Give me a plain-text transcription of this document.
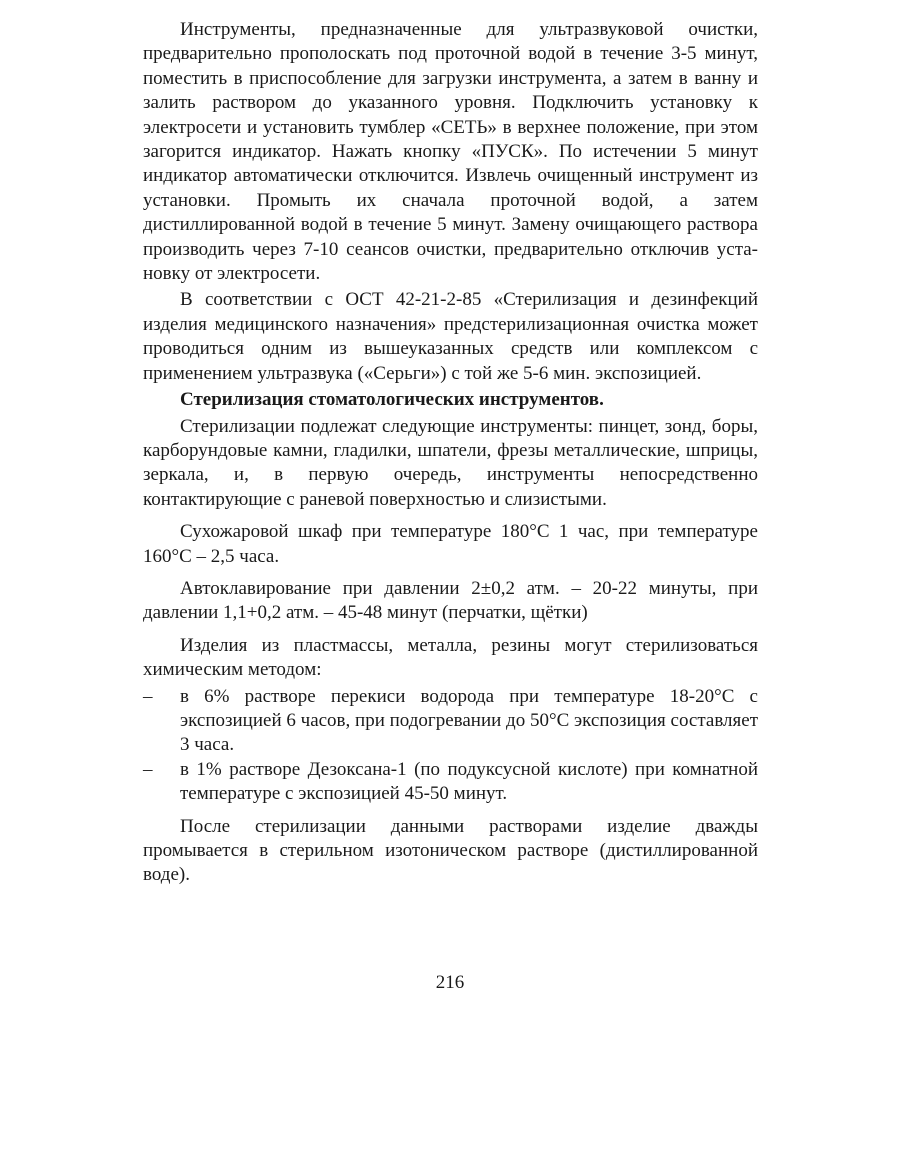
Инструменты, предназначенные для ультразвуковой очистки, предварительно прополоскать под проточной водой в течение 3-5 минут, поместить в приспособление для загрузки инструмента, а затем в ванну и залить раствором до указанного уровня. Подключить установку к электросети и установить тумблер «СЕТЬ» в верхнее положение, при этом загорится индикатор. Нажать кнопку «ПУСК». По истечении 5 минут индикатор автоматически отключится. Извлечь очищенный инструмент из установки. Промыть их сначала проточной водой, а затем дистиллированной водой в течение 5 минут. Замену очищающего раствора производить через 7-10 сеансов очистки, предварительно отключив установку от электросети.

В соответствии с ОСТ 42-21-2-85 «Стерилизация и дезинфекций изделия медицинского назначения» предстерилизационная очистка может проводиться одним из вышеуказанных средств или комплексом с применением ультразвука («Серьги») с той же 5-6 мин. экспозицией.

Стерилизация стоматологических инструментов.

Стерилизации подлежат следующие инструменты: пинцет, зонд, боры, карборундовые камни, гладилки, шпатели, фрезы металлические, шприцы, зеркала, и, в первую очередь, инструменты непосредственно контактирующие с раневой поверхностью и слизистыми.

Сухожаровой шкаф при температуре 180°С 1 час, при температуре 160°С – 2,5 часа.

Автоклавирование при давлении 2±0,2 атм. – 20-22 минуты, при давлении 1,1+0,2 атм. – 45-48 минут (перчатки, щётки)

Изделия из пластмассы, металла, резины могут стерилизоваться химическим методом:

– в 6% растворе перекиси водорода при температуре 18-20°С с экспозицией 6 часов, при подогревании до 50°С экспозиция составляет 3 часа.
– в 1% растворе Дезоксана-1 (по подуксусной кислоте) при комнатной температуре с экспозицией 45-50 минут.

После стерилизации данными растворами изделие дважды промывается в стерильном изотоническом растворе (дистиллированной воде).

216
